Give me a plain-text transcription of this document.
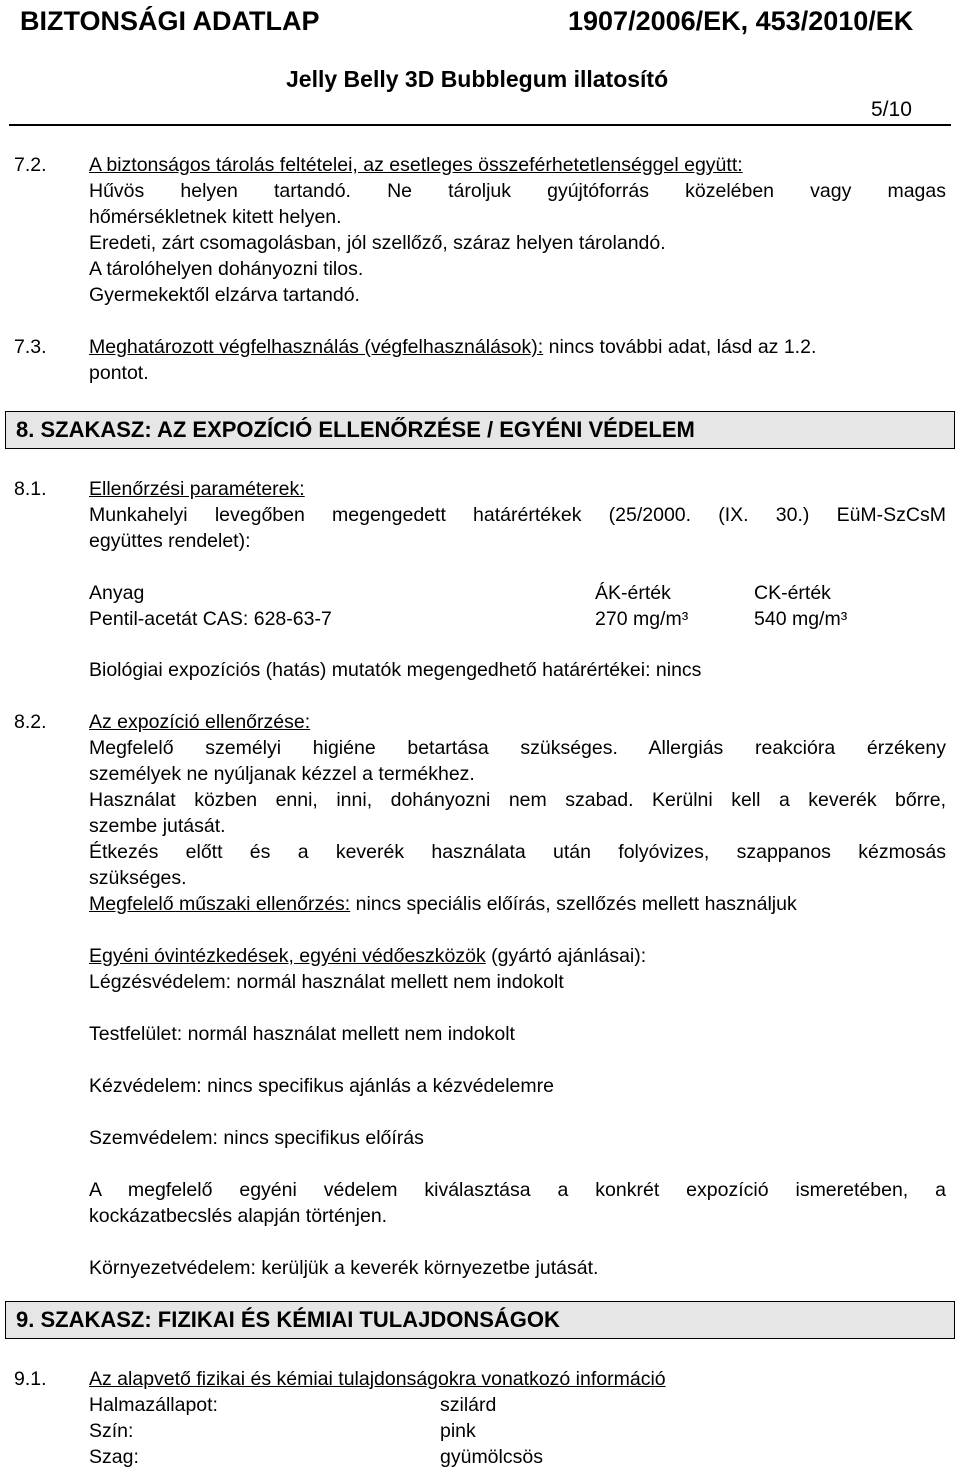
BIZTONSÁGI ADATLAP	1907/2006/EK, 453/2010/EK
Jelly Belly 3D Bubblegum illatosító
5/10
7.2. A biztonságos tárolás feltételei, az esetleges összeférhetetlenséggel együtt:
Hűvös helyen tartandó. Ne tároljuk gyújtóforrás közelében vagy magas
hőmérsékletnek kitett helyen.
Eredeti, zárt csomagolásban, jól szellőző, száraz helyen tárolandó.
A tárolóhelyen dohányozni tilos.
Gyermekektől elzárva tartandó.
7.3. Meghatározott végfelhasználás (végfelhasználások): nincs további adat, lásd az 1.2.
pontot.
8. SZAKASZ: AZ EXPOZÍCIÓ ELLENŐRZÉSE / EGYÉNI VÉDELEM
8.1. Ellenőrzési paraméterek:
Munkahelyi levegőben megengedett határértékek (25/2000. (IX. 30.) EüM-SzCsM
együttes rendelet):
Anyag	ÁK-érték	CK-érték
Pentil-acetát CAS: 628-63-7	270 mg/m³	540 mg/m³
Biológiai expozíciós (hatás) mutatók megengedhető határértékei: nincs
8.2. Az expozíció ellenőrzése:
Megfelelő személyi higiéne betartása szükséges. Allergiás reakcióra érzékeny
személyek ne nyúljanak kézzel a termékhez.
Használat közben enni, inni, dohányozni nem szabad. Kerülni kell a keverék bőrre,
szembe jutását.
Étkezés előtt és a keverék használata után folyóvizes, szappanos kézmosás
szükséges.
Megfelelő műszaki ellenőrzés: nincs speciális előírás, szellőzés mellett használjuk
Egyéni óvintézkedések, egyéni védőeszközök (gyártó ajánlásai):
Légzésvédelem: normál használat mellett nem indokolt
Testfelület: normál használat mellett nem indokolt
Kézvédelem: nincs specifikus ajánlás a kézvédelemre
Szemvédelem: nincs specifikus előírás
A megfelelő egyéni védelem kiválasztása a konkrét expozíció ismeretében, a
kockázatbecslés alapján történjen.
Környezetvédelem: kerüljük a keverék környezetbe jutását.
9. SZAKASZ: FIZIKAI ÉS KÉMIAI TULAJDONSÁGOK
9.1. Az alapvető fizikai és kémiai tulajdonságokra vonatkozó információ
Halmazállapot:	szilárd
Szín:	pink
Szag:	gyümölcsös
